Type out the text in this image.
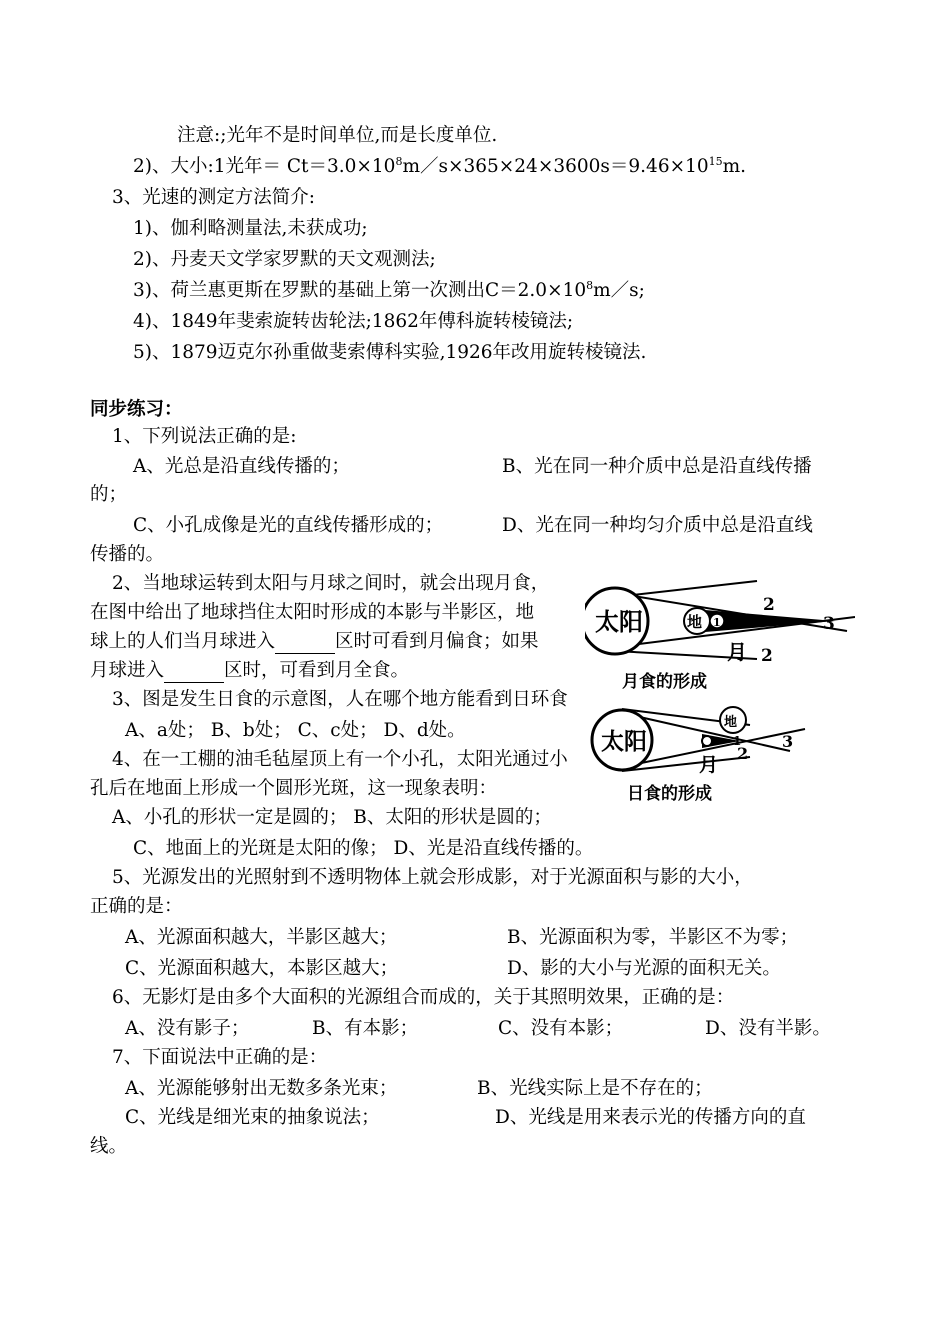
注意:;光年不是时间单位,而是长度单位.
2)、大小:1光年＝ $Ct=3.0\times 10^8m/s\times 365\times 24\times 3600s=9.46\times 10^{15}m$.
3、光速的测定方法简介:
1)、伽利略测量法,未获成功;
2)、丹麦天文学家罗默的天文观测法;
3)、荷兰惠更斯在罗默的基础上第一次测出$C=2.0\times 10^8m/s$;
4)、1849年斐索旋转齿轮法;1862年傅科旋转棱镜法;
5)、1879迈克尔孙重做斐索傅科实验,1926年改用旋转棱镜法.
同步练习：
1、下列说法正确的是:
A、光总是沿直线传播的；	B、光在同一种介质中总是沿直线传播
的；
C、小孔成像是光的直线传播形成的；	D、光在同一种均匀介质中总是沿直线
传播的。
2、当地球运转到太阳与月球之间时，就会出现月食，
在图中给出了地球挡住太阳时形成的本影与半影区，地
球上的人们当月球进入	区时可看到月偏食；如果
月球进入	区时，可看到月全食。
3、图是发生日食的示意图，人在哪个地方能看到日环食
A、a处； B、b处； C、c处； D、d处。
4、在一工棚的油毛毡屋顶上有一个小孔，太阳光通过小
孔后在地面上形成一个圆形光斑，这一现象表明：
A、小孔的形状一定是圆的； B、太阳的形状是圆的；
C、地面上的光斑是太阳的像； D、光是沿直线传播的。
5、光源发出的光照射到不透明物体上就会形成影，对于光源面积与影的大小，
正确的是：
A、光源面积越大，半影区越大；	B、光源面积为零，半影区不为零；
C、光源面积越大，本影区越大；	D、影的大小与光源的面积无关。
6、无影灯是由多个大面积的光源组合而成的，关于其照明效果，正确的是：
A、没有影子；	B、有本影；	C、没有本影；	D、没有半影。
7、下面说法中正确的是：
A、光源能够射出无数多条光束；	B、光线实际上是不存在的；
C、光线是细光束的抽象说法；	D、光线是用来表示光的传播方向的直
线。
太阳	地 1
月
2
2
3
月食的形成
太阳
地
月
1
2
3
日食的形成
